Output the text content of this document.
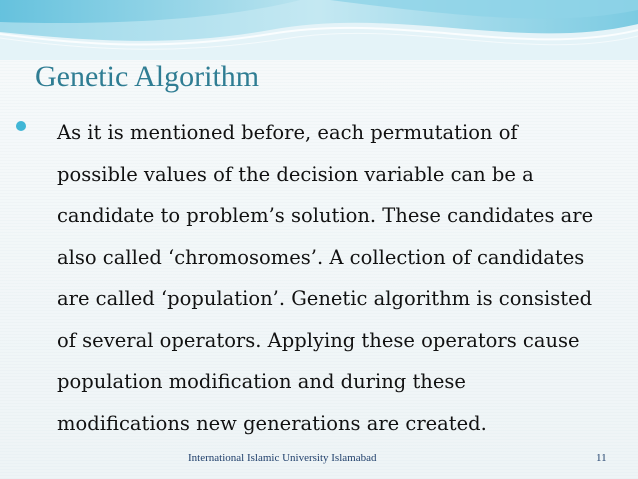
Genetic Algorithm
As it is mentioned before, each permutation of
possible values of the decision variable can be a
candidate to problem’s solution. These candidates are
also called ‘chromosomes’. A collection of candidates
are called ‘population’. Genetic algorithm is consisted
of several operators. Applying these operators cause
population modification and during these
modifications new generations are created.
International Islamic University Islamabad	11
